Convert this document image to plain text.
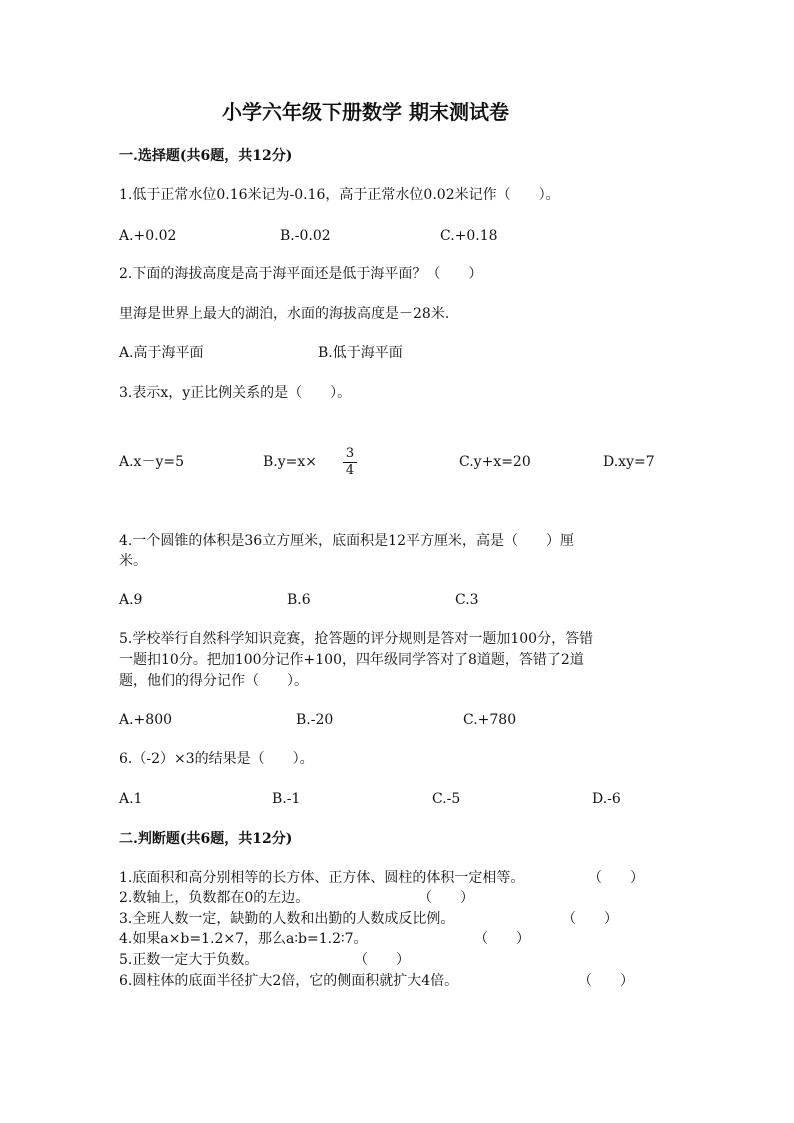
小学六年级下册数学 期末测试卷
一.选择题(共6题，共12分)
1.低于正常水位0.16米记为-0.16，高于正常水位0.02米记作（　　）。
A.+0.02	B.-0.02	C.+0.18
2.下面的海拔高度是高于海平面还是低于海平面？（　　）
里海是世界上最大的湖泊，水面的海拔高度是－28米.
A.高于海平面	B.低于海平面
3.表示x，y正比例关系的是（　　）。
A.x－y=5	B.y=x×
3
4
C.y+x=20	D.xy=7
4.一个圆锥的体积是36立方厘米，底面积是12平方厘米，高是（　　）厘
米。
A.9	B.6	C.3
5.学校举行自然科学知识竞赛，抢答题的评分规则是答对一题加100分，答错
一题扣10分。把加100分记作+100，四年级同学答对了8道题，答错了2道
题，他们的得分记作（　　）。
A.+800	B.-20	C.+780
6.（-2）×3的结果是（　　）。
A.1	B.-1	C.-5	D.-6
二.判断题(共6题，共12分)
1.底面积和高分别相等的长方体、正方体、圆柱的体积一定相等。	（　　）
2.数轴上，负数都在0的左边。	（　　）
3.全班人数一定，缺勤的人数和出勤的人数成反比例。	（　　）
4.如果a×b=1.2×7，那么a∶b=1.2∶7。	（　　）
5.正数一定大于负数。	（　　）
6.圆柱体的底面半径扩大2倍，它的侧面积就扩大4倍。	（　　）
